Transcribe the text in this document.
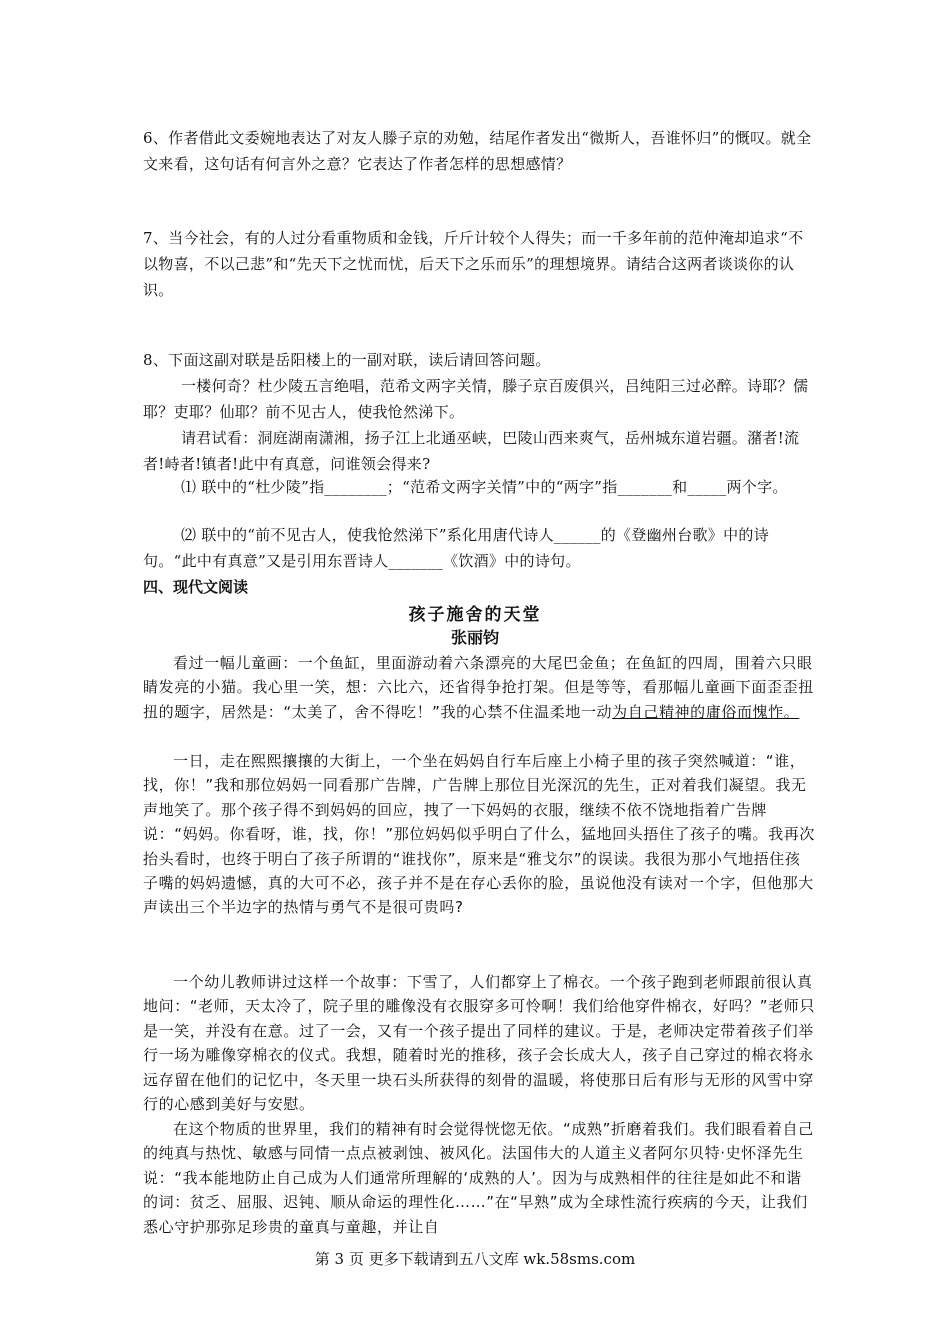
6、作者借此文委婉地表达了对友人滕子京的劝勉，结尾作者发出“微斯人，吾谁怀归”的慨叹。就全文来看，这句话有何言外之意？它表达了作者怎样的思想感情？

7、当今社会，有的人过分看重物质和金钱，斤斤计较个人得失；而一千多年前的范仲淹却追求“不以物喜，不以己悲”和“先天下之忧而忧，后天下之乐而乐”的理想境界。请结合这两者谈谈你的认识。

8、下面这副对联是岳阳楼上的一副对联，读后请回答问题。

一楼何奇？杜少陵五言绝唱，范希文两字关情，滕子京百废俱兴，吕纯阳三过必醉。诗耶？儒耶？吏耶？仙耶？前不见古人，使我怆然涕下。

请君试看：洞庭湖南潇湘，扬子江上北通巫峡，巴陵山西来爽气，岳州城东道岩疆。潴者!流者!峙者!镇者!此中有真意，问谁领会得来?

⑴ 联中的“杜少陵”指________；“范希文两字关情”中的“两字”指_______和_____两个字。

⑵ 联中的“前不见古人，使我怆然涕下”系化用唐代诗人______的《登幽州台歌》中的诗句。“此中有真意”又是引用东晋诗人_______《饮酒》中的诗句。

四、现代文阅读

孩子施舍的天堂

张丽钧

看过一幅儿童画：一个鱼缸，里面游动着六条漂亮的大尾巴金鱼；在鱼缸的四周，围着六只眼睛发亮的小猫。我心里一笑，想：六比六，还省得争抢打架。但是等等，看那幅儿童画下面歪歪扭扭的题字，居然是：“太美了，舍不得吃！”我的心禁不住温柔地一动为自己精神的庸俗而愧怍。

一日，走在熙熙攘攘的大街上，一个坐在妈妈自行车后座上小椅子里的孩子突然喊道：“谁，找，你！”我和那位妈妈一同看那广告牌，广告牌上那位目光深沉的先生，正对着我们凝望。我无声地笑了。那个孩子得不到妈妈的回应，拽了一下妈妈的衣服，继续不依不饶地指着广告牌说：“妈妈。你看呀，谁，找，你！”那位妈妈似乎明白了什么，猛地回头捂住了孩子的嘴。我再次抬头看时，也终于明白了孩子所谓的“谁找你”，原来是“雅戈尔”的误读。我很为那小气地捂住孩子嘴的妈妈遗憾，真的大可不必，孩子并不是在存心丢你的脸，虽说他没有读对一个字，但他那大声读出三个半边字的热情与勇气不是很可贵吗?

一个幼儿教师讲过这样一个故事：下雪了，人们都穿上了棉衣。一个孩子跑到老师跟前很认真地问：“老师，天太冷了，院子里的雕像没有衣服穿多可怜啊！我们给他穿件棉衣，好吗？”老师只是一笑，并没有在意。过了一会，又有一个孩子提出了同样的建议。于是，老师决定带着孩子们举行一场为雕像穿棉衣的仪式。我想，随着时光的推移，孩子会长成大人，孩子自己穿过的棉衣将永远存留在他们的记忆中，冬天里一块石头所获得的刻骨的温暖，将使那日后有形与无形的风雪中穿行的心感到美好与安慰。

在这个物质的世界里，我们的精神有时会觉得恍惚无依。“成熟”折磨着我们。我们眼看着自己的纯真与热忱、敏感与同情一点点被剥蚀、被风化。法国伟大的人道主义者阿尔贝特·史怀泽先生说：“我本能地防止自己成为人们通常所理解的‘成熟的人’。因为与成熟相伴的往往是如此不和谐的词：贫乏、屈服、迟钝、顺从命运的理性化……”在“早熟”成为全球性流行疾病的今天，让我们悉心守护那弥足珍贵的童真与童趣，并让自

第 3 页 更多下载请到五八文库 wk.58sms.com
